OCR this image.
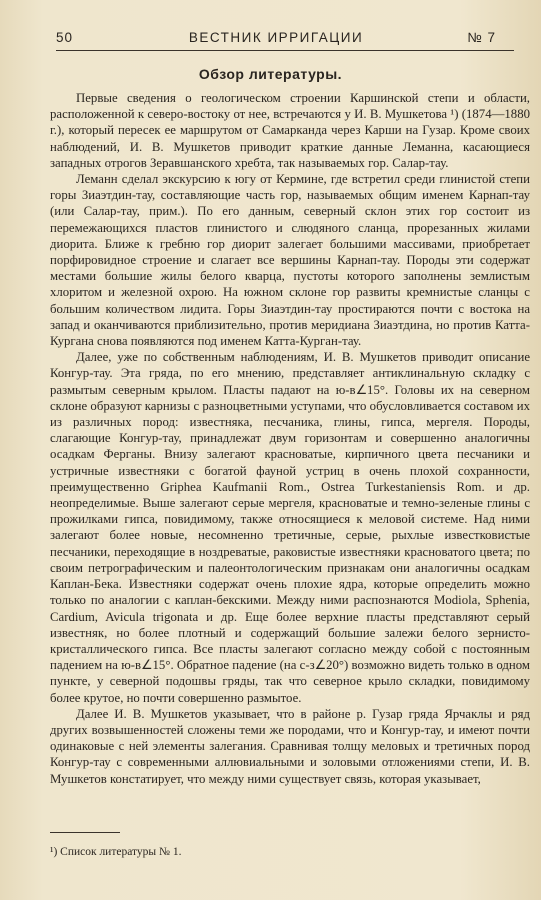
50	ВЕСТНИК ИРРИГАЦИИ	№ 7
Обзор литературы.

Первые сведения о геологическом строении Каршинской степи и области, расположенной к северо-востоку от нее, встречаются у И. В. Мушкетова ¹) (1874—1880 г.), который пересек ее маршрутом от Самарканда через Карши на Гузар. Кроме своих наблюдений, И. В. Мушкетов приводит краткие данные Леманна, касающиеся западных отрогов Зеравшанского хребта, так называемых гор. Салар-тау.

Леманн сделал экскурсию к югу от Кермине, где встретил среди глинистой степи горы Зиаэтдин-тау, составляющие часть гор, называемых общим именем Карнап-тау (или Салар-тау, прим.). По его данным, северный склон этих гор состоит из перемежающихся пластов глинистого и слюдяного сланца, прорезанных жилами диорита. Ближе к гребню гор диорит залегает большими массивами, приобретает порфировидное строение и слагает все вершины Карнап-тау. Породы эти содержат местами большие жилы белого кварца, пустоты которого заполнены землистым хлоритом и железной охрою. На южном склоне гор развиты кремнистые сланцы с большим количеством лидита. Горы Зиаэтдин-тау простираются почти с востока на запад и оканчиваются приблизительно, против меридиана Зиаэтдина, но против Катта-Кургана снова появляются под именем Катта-Курган-тау.

Далее, уже по собственным наблюдениям, И. В. Мушкетов приводит описание Конгур-тау. Эта гряда, по его мнению, представляет антиклинальную складку с размытым северным крылом. Пласты падают на ю-в∠15°. Головы их на северном склоне образуют карнизы с разноцветными уступами, что обусловливается составом их из различных пород: известняка, песчаника, глины, гипса, мергеля. Породы, слагающие Конгур-тау, принадлежат двум горизонтам и совершенно аналогичны осадкам Ферганы. Внизу залегают красноватые, кирпичного цвета песчаники и устричные известняки с богатой фауной устриц в очень плохой сохранности, преимущественно Griphea Kaufmanii Rom., Ostrea Turkestaniensis Rom. и др. неопределимые. Выше залегают серые мергеля, красноватые и темно-зеленые глины с прожилками гипса, повидимому, также относящиеся к меловой системе. Над ними залегают более новые, несомненно третичные, серые, рыхлые известковистые песчаники, переходящие в ноздреватые, раковистые известняки красноватого цвета; по своим петрографическим и палеонтологическим признакам они аналогичны осадкам Каплан-Бека. Известняки содержат очень плохие ядра, которые определить можно только по аналогии с каплан-бекскими. Между ними распознаются Modiola, Sphenia, Cardium, Avicula trigonata и др. Еще более верхние пласты представляют серый известняк, но более плотный и содержащий большие залежи белого зернисто-кристаллического гипса. Все пласты залегают согласно между собой с постоянным падением на ю-в∠15°. Обратное падение (на с-з∠20°) возможно видеть только в одном пункте, у северной подошвы гряды, так что северное крыло складки, повидимому более крутое, но почти совершенно размытое.

Далее И. В. Мушкетов указывает, что в районе р. Гузар гряда Ярчаклы и ряд других возвышенностей сложены теми же породами, что и Конгур-тау, и имеют почти одинаковые с ней элементы залегания. Сравнивая толщу меловых и третичных пород Конгур-тау с современными аллювиальными и золовыми отложениями степи, И. В. Мушкетов констатирует, что между ними существует связь, которая указывает,

¹) Список литературы № 1.
